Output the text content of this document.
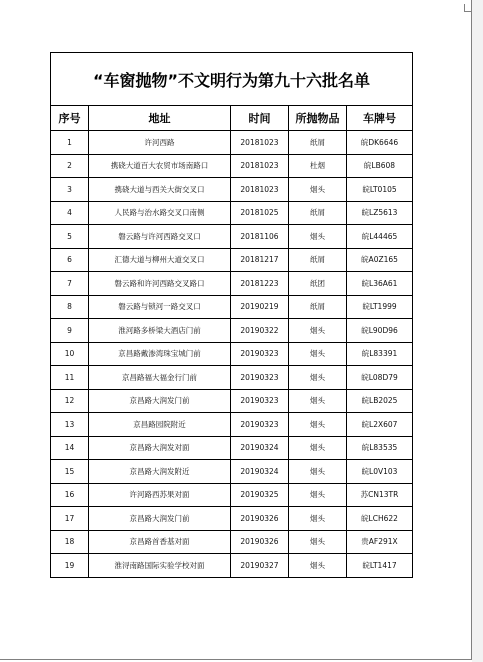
“车窗抛物”不文明行为第九十六批名单				
序号	地址	时间	所抛物品	车牌号
1	许河西路	20181023	纸屑	皖DK6646
2	携硗大道百大农贸市场南路口	20181023	杜烟	皖LB608
3	携硗大道与西关大街交叉口	20181023	烟头	皖LT0105
4	人民路与治水路交叉口南侧	20181025	纸屑	皖LZ5613
5	磐云路与许河西路交叉口	20181106	烟头	皖L44465
6	汇德大道与柳州大道交叉口	20181217	纸屑	皖A0Z165
7	磐云路和许河西路交叉路口	20181223	纸团	皖L36A61
8	磐云路与锁河一路交叉口	20190219	纸屑	皖LT1999
9	淮河路多桥梁大酒店门前	20190322	烟头	皖L90D96
10	京昌路戴渗湾珠宝城门前	20190323	烟头	皖L83391
11	京昌路福大福金行门前	20190323	烟头	皖L08D79
12	京昌路大润发门前	20190323	烟头	皖LB2025
13	京昌路园院附近	20190323	烟头	皖L2X607
14	京昌路大润发对面	20190324	烟头	皖L83535
15	京昌路大润发附近	20190324	烟头	皖L0V103
16	许河路西苏果对面	20190325	烟头	苏CN13TR
17	京昌路大润发门前	20190326	烟头	皖LCH622
18	京昌路首香基对面	20190326	烟头	贵AF291X
19	淮浔南路国际实验学校对面	20190327	烟头	皖LT1417
